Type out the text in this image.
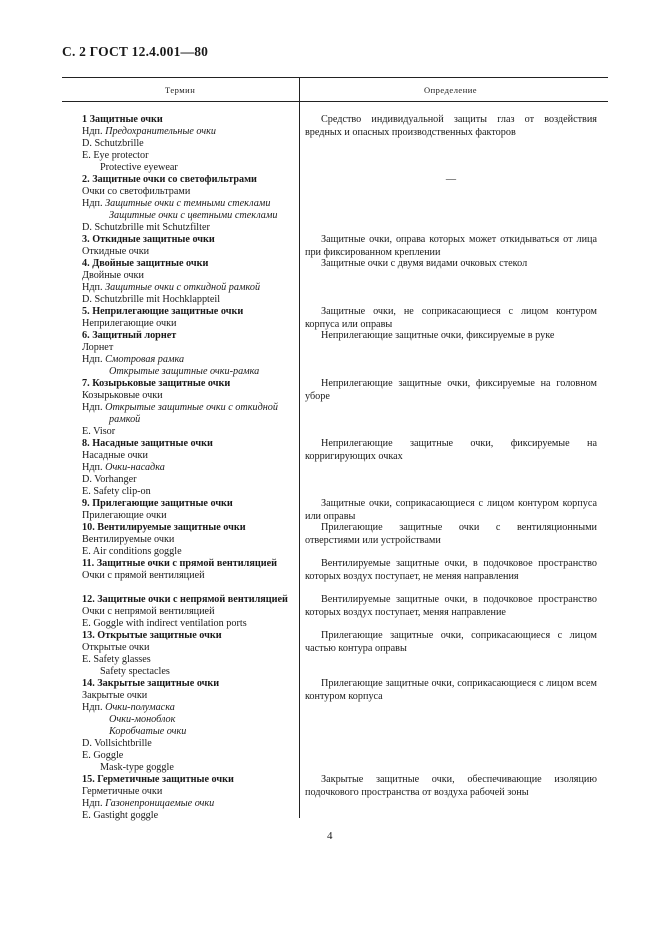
С. 2 ГОСТ 12.4.001—80
Термин	Определение
1 Защитные очки
Ндп. Предохранительные очки
D. Schutzbrille
E. Eye protector
Protective eyewear
2. Защитные очки со светофильтрами
Очки со светофильтрами
Ндп. Защитные очки с темными стеклами
Защитные очки с цветными стеклами
D. Schutzbrille mit Schutzfilter
3. Откидные защитные очки
Откидные очки
4. Двойные защитные очки
Двойные очки
Ндп. Защитные очки с откидной рамкой
D. Schutzbrille mit Hochklappteil
5. Неприлегающие защитные очки
Неприлегающие очки
6. Защитный лорнет
Лорнет
Ндп. Смотровая рамка
Открытые защитные очки-рамка
7. Козырьковые защитные очки
Козырьковые очки
Ндп. Открытые защитные очки с откидной
рамкой
E. Visor
8. Насадные защитные очки
Насадные очки
Ндп. Очки-насадка
D. Vorhanger
E. Safety clip-on
9. Прилегающие защитные очки
Прилегающие очки
10. Вентилируемые защитные очки
Вентилируемые очки
E. Air conditions goggle
11. Защитные очки с прямой вентиляцией
Очки с прямой вентиляцией
12. Защитные очки с непрямой вентиляцией
Очки с непрямой вентиляцией
E. Goggle with indirect ventilation ports
13. Открытые защитные очки
Открытые очки
E. Safety glasses
Safety spectacles
14. Закрытые защитные очки
Закрытые очки
Ндп. Очки-полумаска
Очки-моноблок
Коробчатые очки
D. Vollsichtbrille
E. Goggle
Mask-type goggle
15. Герметичные защитные очки
Герметичные очки
Ндп. Газонепроницаемые очки
E. Gastight goggle
Средство индивидуальной защиты глаз от воздействия вредных и опасных производственных факторов
—
Защитные очки, оправа которых может откидываться от лица при фиксированном креплении
Защитные очки с двумя видами очковых стекол
Защитные очки, не соприкасающиеся с лицом контуром корпуса или оправы
Неприлегающие защитные очки, фиксируемые в руке
Неприлегающие защитные очки, фиксируемые на головном уборе
Неприлегающие защитные очки, фиксируемые на корригирующих очках
Защитные очки, соприкасающиеся с лицом контуром корпуса или оправы
Прилегающие защитные очки с вентиляционными отверстиями или устройствами
Вентилируемые защитные очки, в подочковое пространство которых воздух поступает, не меняя направления
Вентилируемые защитные очки, в подочковое пространство которых воздух поступает, меняя направление
Прилегающие защитные очки, соприкасающиеся с лицом частью контура оправы
Прилегающие защитные очки, соприкасающиеся с лицом всем контуром корпуса
Закрытые защитные очки, обеспечивающие изоляцию подочкового пространства от воздуха рабочей зоны
4
